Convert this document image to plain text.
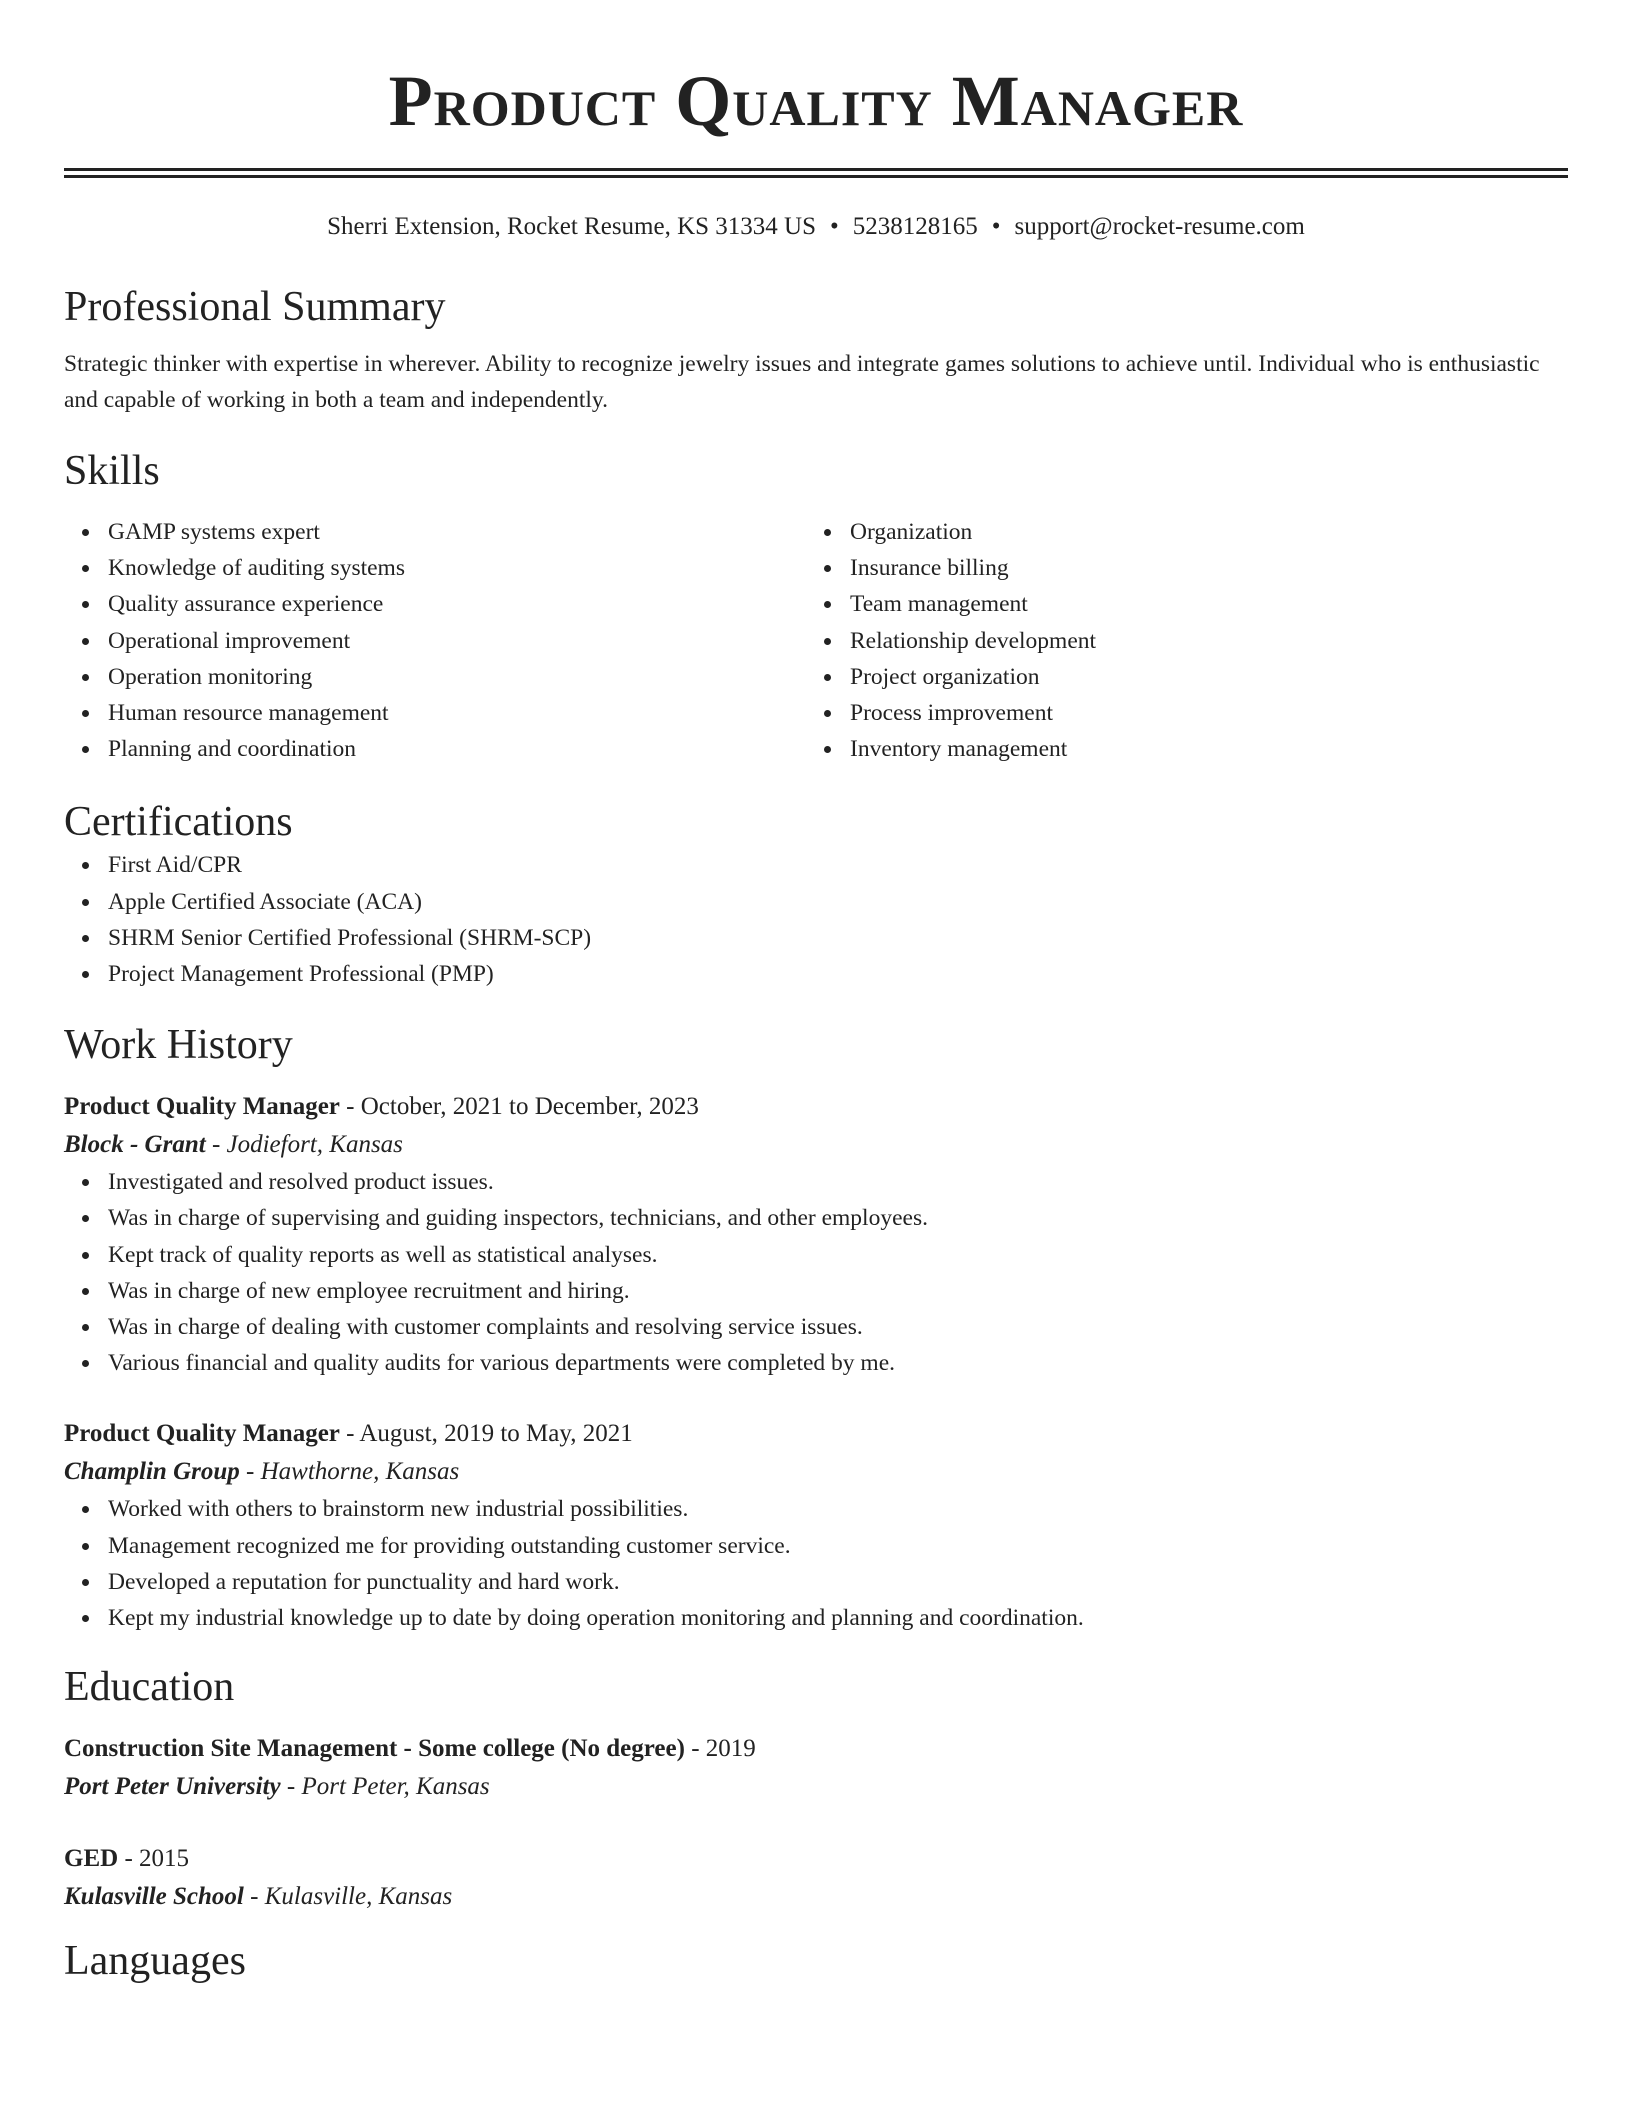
Product Quality Manager
Sherri Extension, Rocket Resume, KS 31334 US • 5238128165 • support@rocket-resume.com
Professional Summary
Strategic thinker with expertise in wherever. Ability to recognize jewelry issues and integrate games solutions to achieve until. Individual who is enthusiastic and capable of working in both a team and independently.
Skills
GAMP systems expert
Knowledge of auditing systems
Quality assurance experience
Operational improvement
Operation monitoring
Human resource management
Planning and coordination
Organization
Insurance billing
Team management
Relationship development
Project organization
Process improvement
Inventory management
Certifications
First Aid/CPR
Apple Certified Associate (ACA)
SHRM Senior Certified Professional (SHRM-SCP)
Project Management Professional (PMP)
Work History
Product Quality Manager - October, 2021 to December, 2023
Block - Grant - Jodiefort, Kansas
Investigated and resolved product issues.
Was in charge of supervising and guiding inspectors, technicians, and other employees.
Kept track of quality reports as well as statistical analyses.
Was in charge of new employee recruitment and hiring.
Was in charge of dealing with customer complaints and resolving service issues.
Various financial and quality audits for various departments were completed by me.
Product Quality Manager - August, 2019 to May, 2021
Champlin Group - Hawthorne, Kansas
Worked with others to brainstorm new industrial possibilities.
Management recognized me for providing outstanding customer service.
Developed a reputation for punctuality and hard work.
Kept my industrial knowledge up to date by doing operation monitoring and planning and coordination.
Education
Construction Site Management - Some college (No degree) - 2019
Port Peter University - Port Peter, Kansas
GED - 2015
Kulasville School - Kulasville, Kansas
Languages
